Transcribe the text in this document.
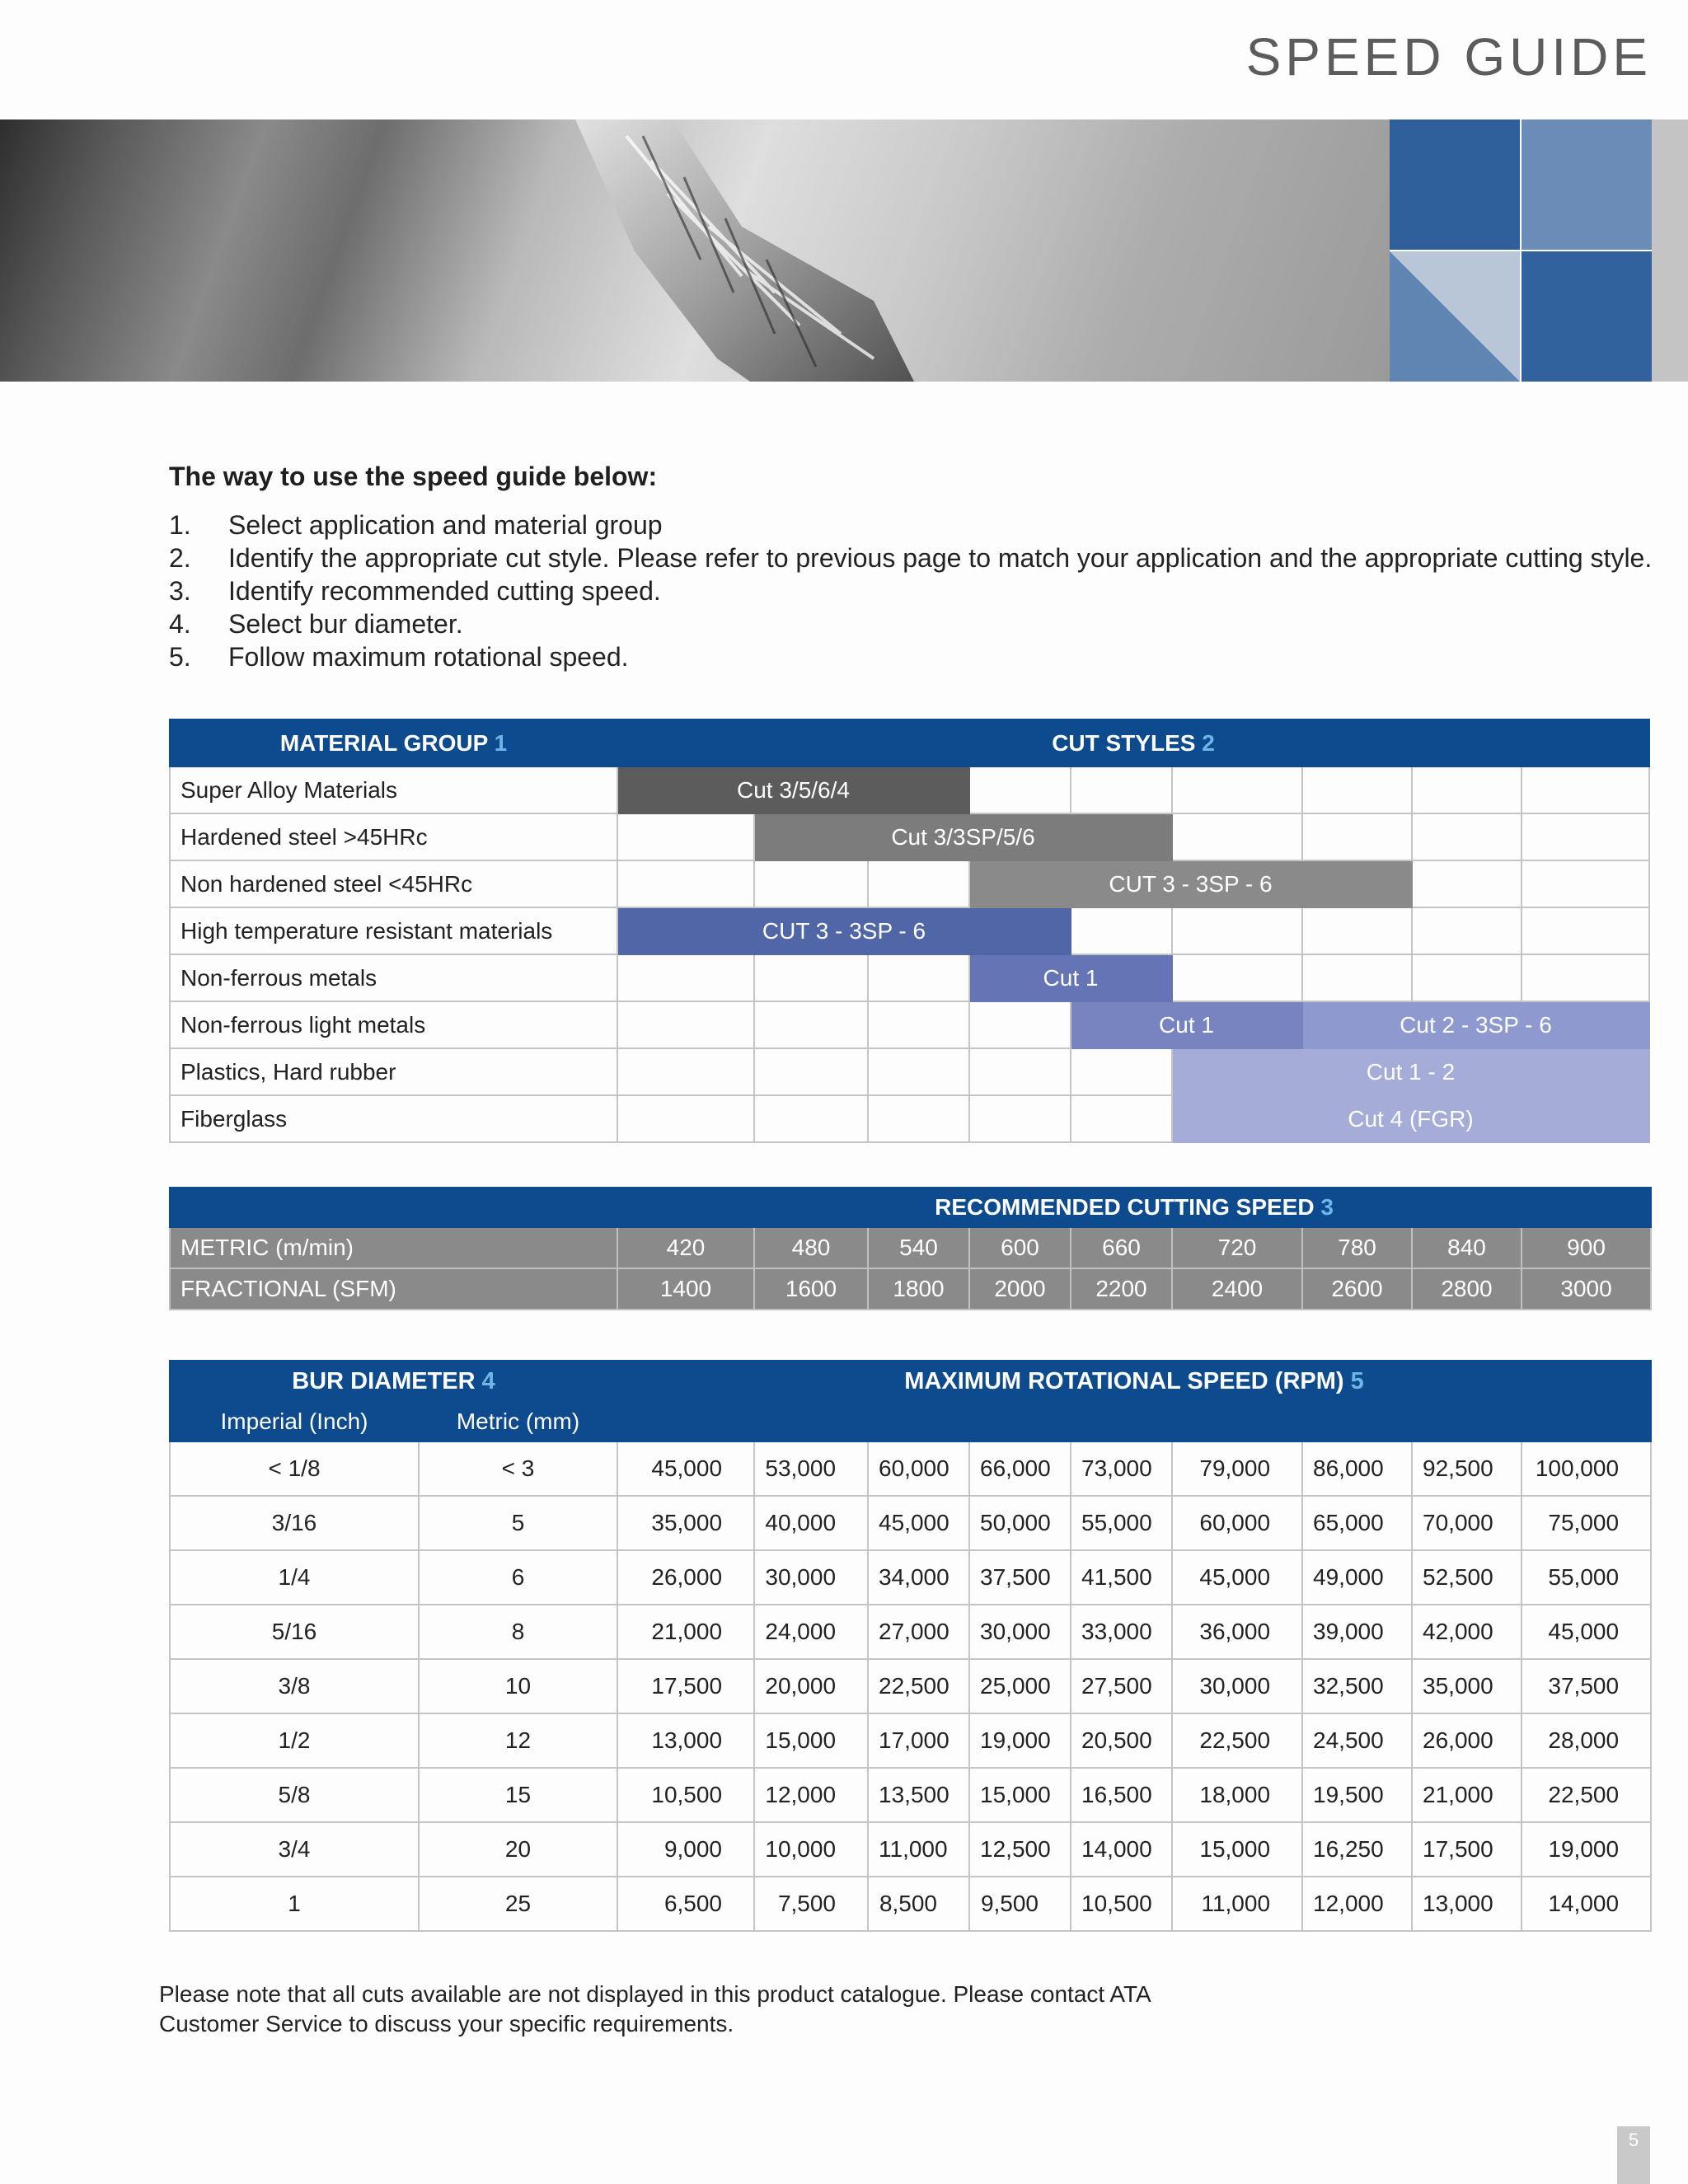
SPEED GUIDE
The way to use the speed guide below:
1.	Select application and material group
2.	Identify the appropriate cut style. Please refer to previous page to match your application and the appropriate cutting style.
3.	Identify recommended cutting speed.
4.	Select bur diameter.
5.	Follow maximum rotational speed.
MATERIAL GROUP 1	CUT STYLES 2								
Super Alloy Materials	Cut 3/5/6/4								
Hardened steel >45HRc		Cut 3/3SP/5/6							
Non hardened steel <45HRc				CUT 3 - 3SP - 6					
High temperature resistant materials	CUT 3 - 3SP - 6								
Non-ferrous metals				Cut 1					
Non-ferrous light metals					Cut 1		Cut 2 - 3SP - 6		
Plastics, Hard rubber						Cut 1 - 2			
Fiberglass						Cut 4 (FGR)			
	RECOMMENDED CUTTING SPEED 3								
METRIC (m/min)	420	480	540	600	660	720	780	840	900
FRACTIONAL (SFM)	1400	1600	1800	2000	2200	2400	2600	2800	3000
BUR DIAMETER 4		MAXIMUM ROTATIONAL SPEED (RPM) 5								
Imperial (Inch)	Metric (mm)									
< 1/8	< 3	45,000	53,000	60,000	66,000	73,000	79,000	86,000	92,500	100,000
3/16	5	35,000	40,000	45,000	50,000	55,000	60,000	65,000	70,000	75,000
1/4	6	26,000	30,000	34,000	37,500	41,500	45,000	49,000	52,500	55,000
5/16	8	21,000	24,000	27,000	30,000	33,000	36,000	39,000	42,000	45,000
3/8	10	17,500	20,000	22,500	25,000	27,500	30,000	32,500	35,000	37,500
1/2	12	13,000	15,000	17,000	19,000	20,500	22,500	24,500	26,000	28,000
5/8	15	10,500	12,000	13,500	15,000	16,500	18,000	19,500	21,000	22,500
3/4	20	9,000	10,000	11,000	12,500	14,000	15,000	16,250	17,500	19,000
1	25	6,500	7,500	8,500	9,500	10,500	11,000	12,000	13,000	14,000
Please note that all cuts available are not displayed in this product catalogue. Please contact ATA
Customer Service to discuss your specific requirements.
5
